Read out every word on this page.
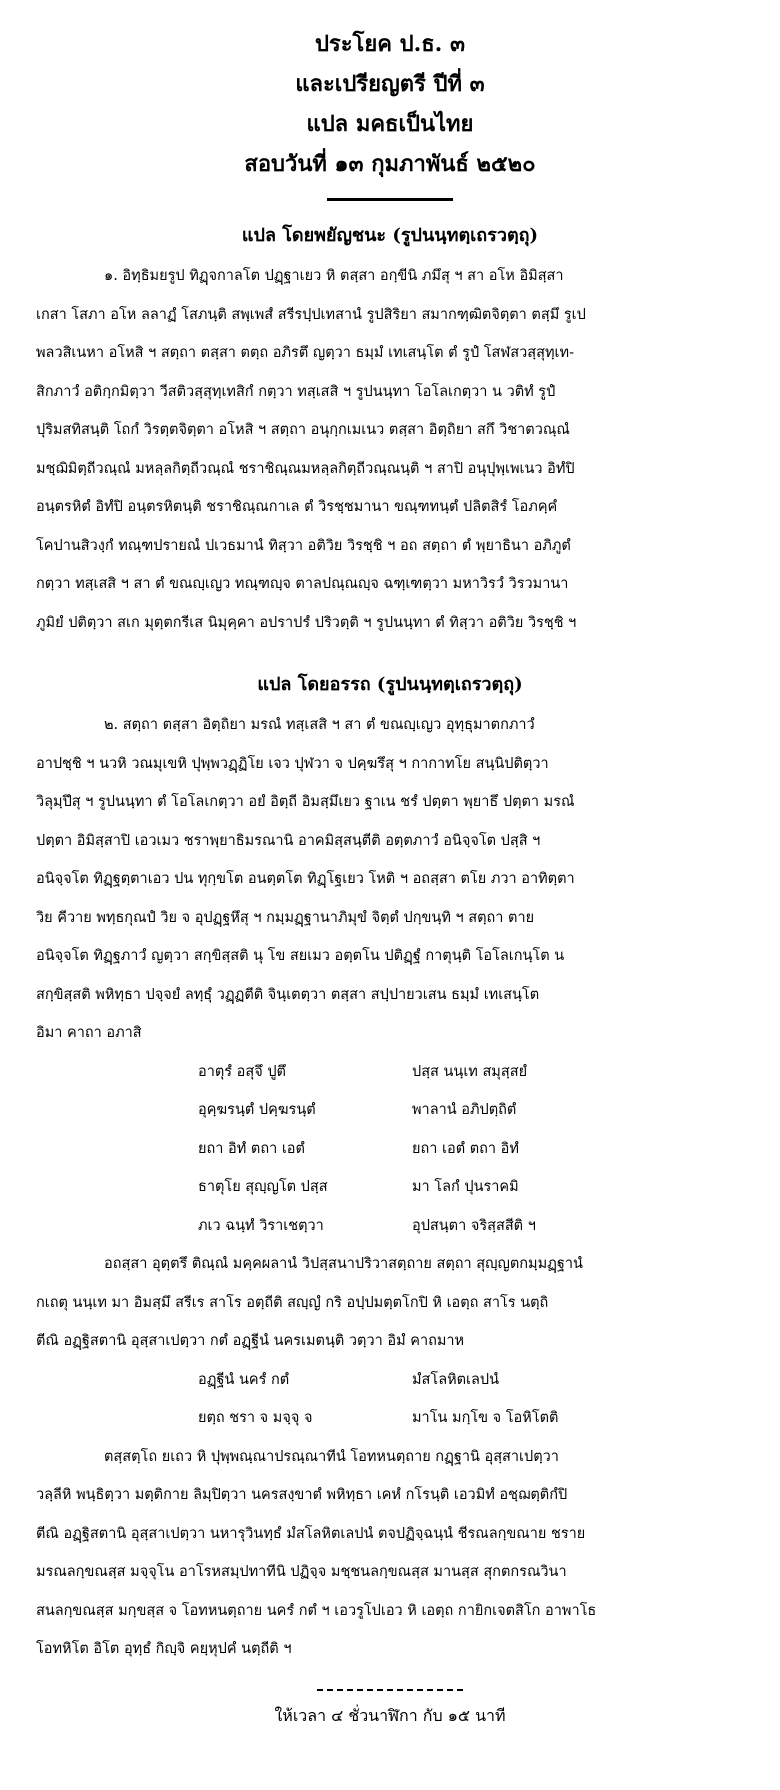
ประโยค ป.ธ. ๓
และเปรียญตรี ปีที่ ๓
แปล มคธเป็นไทย
สอบวันที่ ๑๓ กุมภาพันธ์ ๒๕๒๐
แปล โดยพยัญชนะ (รูปนนฺทตฺเถรวตฺถุ)

๑. อิทฺธิมยรูป ทิฏฺจกาลโต ปฏฺฐาเยว หิ ตสฺสา อกฺขีนิ ภมึสุ ฯ สา อโห อิมิสฺสา

เกสา โสภา อโห ลลาฏํ โสภนฺติ สพฺเพสํ สรีรปฺปเทสานํ รูปสิริยา สมากฑฺฒิตจิตฺตา ตสฺมึ รูเป

พลวสิเนหา อโหสิ ฯ สตฺถา ตสฺสา ตตฺถ อภิรตึ ญตฺวา ธมฺมํ เทเสนฺโต ตํ รูปํ โสฬสวสฺสุทฺเท-

สิกภาวํ อติกฺกมิตฺวา วีสติวสฺสุทฺเทสิกํ กตฺวา ทสฺเสสิ ฯ รูปนนฺทา โอโลเกตฺวา น วติทํ รูปํ

ปุริมสทิสนฺติ โถกํ วิรตฺตจิตฺตา อโหสิ ฯ สตฺถา อนุกฺกเมเนว ตสฺสา อิตฺถิยา สกึ วิชาตวณฺณํ

มชฺฌิมิตฺถีวณฺณํ มหลฺลกิตฺถีวณฺณํ ชราชิณฺณมหลฺลกิตฺถีวณฺณนฺติ ฯ สาปิ อนุปุพฺเพเนว อิทํปิ

อนฺตรหิตํ อิทํปิ อนฺตรหิตนฺติ ชราชิณฺณกาเล ตํ วิรชฺชมานา ขณฺฑทนฺตํ ปลิตสิรํ โอภคฺคํ

โคปานสิวงฺกํ ทณฺฑปรายณํ ปเวธมานํ ทิสฺวา อติวิย วิรชฺชิ ฯ อถ สตฺถา ตํ พฺยาธินา อภิภูตํ

กตฺวา ทสฺเสสิ ฯ สา ตํ ขณญฺเญว ทณฺฑญฺจ ตาลปณฺณญฺจ ฉฑฺเฑตฺวา มหาวิรวํ วิรวมานา

ภูมิยํ ปติตฺวา สเก มุตฺตกรีเส นิมุคฺคา อปราปรํ ปริวตฺติ ฯ รูปนนฺทา ตํ ทิสฺวา อติวิย วิรชฺชิ ฯ

แปล โดยอรรถ (รูปนนฺทตฺเถรวตฺถุ)

๒. สตฺถา ตสฺสา อิตฺถิยา มรณํ ทสฺเสสิ ฯ สา ตํ ขณญฺเญว อุทฺธุมาตกภาวํ

อาปชฺชิ ฯ นวหิ วณมุเขหิ ปุพฺพวฏฺฏิโย เจว ปุฬวา จ ปคฺฆรึสุ ฯ กากาทโย สนฺนิปติตฺวา

วิลุมฺปึสุ ฯ รูปนนฺทา ตํ โอโลเกตฺวา อยํ อิตฺถี อิมสฺมึเยว ฐาเน ชรํ ปตฺตา พฺยาธึ ปตฺตา มรณํ

ปตฺตา อิมิสฺสาปิ เอวเมว ชราพฺยาธิมรณานิ อาคมิสฺสนฺตีติ อตฺตภาวํ อนิจฺจโต ปสฺสิ ฯ

อนิจฺจโต ทิฏฺฐตฺตาเอว ปน ทุกฺขโต อนตฺตโต ทิฏฺโฐเยว โหติ ฯ อถสฺสา ตโย ภวา อาทิตฺตา

วิย คีวาย พทฺธกุณปํ วิย จ อุปฏฺฐหึสุ ฯ กมฺมฏฺฐานาภิมุขํ จิตฺตํ ปกฺขนฺทิ ฯ สตฺถา ตาย

อนิจฺจโต ทิฏฺฐภาวํ ญตฺวา สกฺขิสฺสติ นุ โข สยเมว อตฺตโน ปติฏฺฐํ กาตุนฺติ โอโลเกนฺโต น

สกฺขิสฺสติ พหิทฺธา ปจฺจยํ ลทฺธุํ วฏฺฏตีติ จินฺเตตฺวา ตสฺสา สปฺปายวเสน ธมฺมํ เทเสนฺโต

อิมา คาถา อภาสิ

อาตุรํ อสุจึ ปูตึ	ปสฺส นนฺเท สมุสฺสยํ
อุคฺฆรนฺตํ ปคฺฆรนฺตํ	พาลานํ อภิปตฺถิตํ
ยถา อิทํ ตถา เอตํ	ยถา เอตํ ตถา อิทํ
ธาตุโย สุญฺญโต ปสฺส	มา โลกํ ปุนราคมิ
ภเว ฉนฺทํ วิราเชตฺวา	อุปสนฺตา จริสฺสสีติ ฯ

อถสฺสา อุตฺตรึ ติณฺณํ มคฺคผลานํ วิปสฺสนาปริวาสตฺถาย สตฺถา สุญฺญตกมฺมฏฺฐานํ

กเถตุ นนฺเท มา อิมสฺมึ สรีเร สาโร อตฺถีติ สญฺญํ กริ อปฺปมตฺตโกปิ หิ เอตฺถ สาโร นตฺถิ

ตีณิ อฏฺฐิสตานิ อุสฺสาเปตฺวา กตํ อฏฺฐีนํ นครเมตนฺติ วตฺวา อิมํ คาถมาห

อฏฺฐีนํ นครํ กตํ	มํสโลหิตเลปนํ
ยตฺถ ชรา จ มจฺจุ จ	มาโน มกฺโข จ โอหิโตติ

ตสฺสตฺโถ ยเถว หิ ปุพฺพณฺณาปรณฺณาทีนํ โอทหนตฺถาย กฏฺฐานิ อุสฺสาเปตฺวา

วลฺลีหิ พนฺธิตฺวา มตฺติกาย ลิมฺปิตฺวา นครสงฺขาตํ พหิทฺธา เคหํ กโรนฺติ เอวมิทํ อชฺฌตฺติกํปิ

ตีณิ อฏฺฐิสตานิ อุสฺสาเปตฺวา นหารุวินทฺธํ มํสโลหิตเลปนํ ตจปฏิจฺฉนฺนํ ชีรณลกฺขณาย ชราย

มรณลกฺขณสฺส มจฺจุโน อาโรหสมฺปทาทีนิ ปฏิจฺจ มชฺชนลกฺขณสฺส มานสฺส สุกตกรณวินา

สนลกฺขณสฺส มกฺขสฺส จ โอทหนตฺถาย นครํ กตํ ฯ เอวรูโปเอว หิ เอตฺถ กายิกเจตสิโก อาพาโธ

โอทหิโต อิโต อุทฺธํ กิญฺจิ คยฺหุปคํ นตฺถีติ ฯ

ให้เวลา ๔ ชั่วนาฬิกา กับ ๑๕ นาที
